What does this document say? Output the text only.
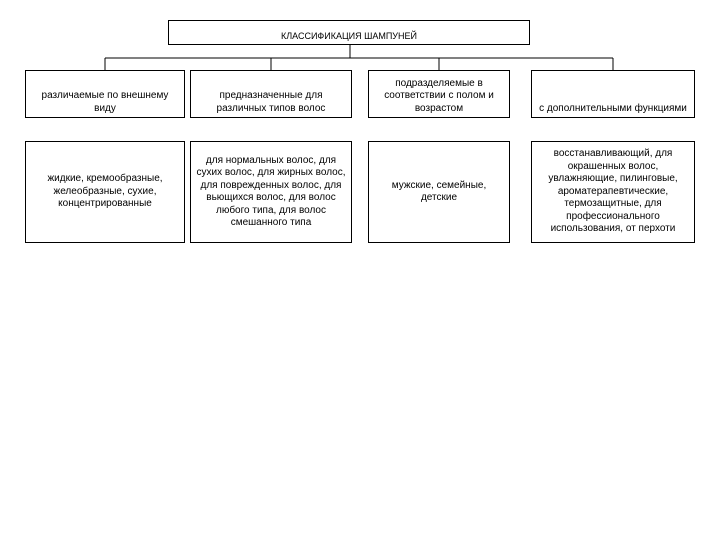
КЛАССИФИКАЦИЯ ШАМПУНЕЙ
различаемые по внешнему виду
предназначенные для различных типов волос
подразделяемые в соответствии с полом и возрастом	с дополнительными функциями
жидкие, кремообразные, желеобразные, сухие, концентрированные
для нормальных волос, для сухих волос, для жирных волос, для поврежденных волос, для вьющихся волос, для волос любого типа, для волос смешанного типа
мужские, семейные, детские
восстанавливающий, для окрашенных волос, увлажняющие, пилинговые, ароматерапевтические, термозащитные, для профессионального использования, от перхоти
